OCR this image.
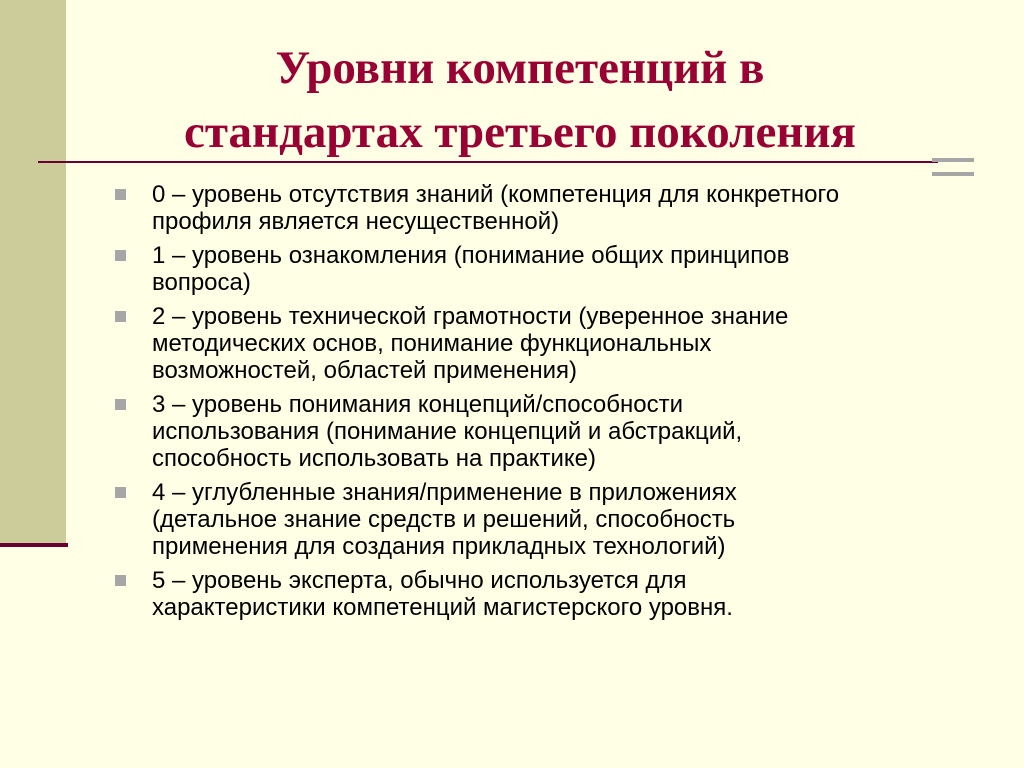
Уровни компетенций в
стандартах третьего поколения
0 – уровень отсутствия знаний (компетенция для конкретного
профиля является несущественной)
1 – уровень ознакомления (понимание общих принципов
вопроса)
2 – уровень технической грамотности (уверенное знание
методических основ, понимание функциональных
возможностей, областей применения)
3 – уровень понимания концепций/способности
использования (понимание концепций и абстракций,
способность использовать на практике)
4 – углубленные знания/применение в приложениях
(детальное знание средств и решений, способность
применения для создания прикладных технологий)
5 – уровень эксперта, обычно используется для
характеристики компетенций магистерского уровня.
